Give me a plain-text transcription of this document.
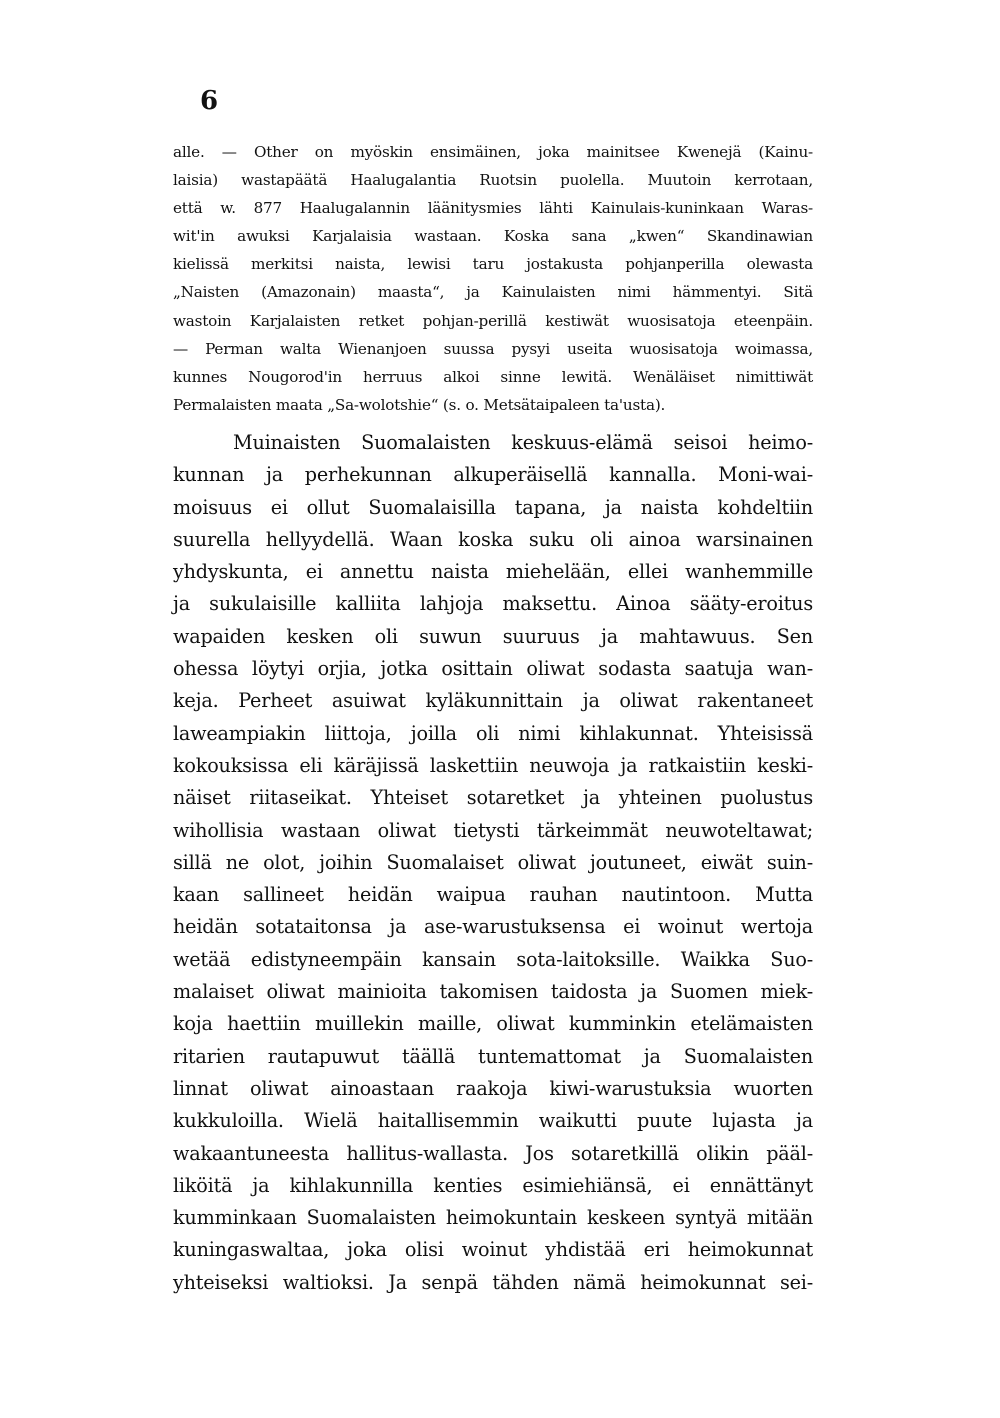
6
alle. — Other on myöskin ensimäinen, joka mainitsee Kwenejä (Kainu-
laisia) wastapäätä Haalugalantia Ruotsin puolella. Muutoin kerrotaan,
että w. 877 Haalugalannin läänitysmies lähti Kainulais-kuninkaan Waras-
wit'in awuksi Karjalaisia wastaan. Koska sana „kwen“ Skandinawian
kielissä merkitsi naista, lewisi taru jostakusta pohjanperilla olewasta
„Naisten (Amazonain) maasta“, ja Kainulaisten nimi hämmentyi. Sitä
wastoin Karjalaisten retket pohjan-perillä kestiwät wuosisatoja eteenpäin.
— Perman walta Wienanjoen suussa pysyi useita wuosisatoja woimassa,
kunnes Nougorod'in herruus alkoi sinne lewitä. Wenäläiset nimittiwät
Permalaisten maata „Sa-wolotshie“ (s. o. Metsätaipaleen ta'usta).
Muinaisten Suomalaisten keskuus-elämä seisoi heimo-
kunnan ja perhekunnan alkuperäisellä kannalla. Moni-wai-
moisuus ei ollut Suomalaisilla tapana, ja naista kohdeltiin
suurella hellyydellä. Waan koska suku oli ainoa warsinainen
yhdyskunta, ei annettu naista miehelään, ellei wanhemmille
ja sukulaisille kalliita lahjoja maksettu. Ainoa sääty-eroitus
wapaiden kesken oli suwun suuruus ja mahtawuus. Sen
ohessa löytyi orjia, jotka osittain oliwat sodasta saatuja wan-
keja. Perheet asuiwat kyläkunnittain ja oliwat rakentaneet
laweampiakin liittoja, joilla oli nimi kihlakunnat. Yhteisissä
kokouksissa eli käräjissä laskettiin neuwoja ja ratkaistiin keski-
näiset riitaseikat. Yhteiset sotaretket ja yhteinen puolustus
wihollisia wastaan oliwat tietysti tärkeimmät neuwoteltawat;
sillä ne olot, joihin Suomalaiset oliwat joutuneet, eiwät suin-
kaan sallineet heidän waipua rauhan nautintoon. Mutta
heidän sotataitonsa ja ase-warustuksensa ei woinut wertoja
wetää edistyneempäin kansain sota-laitoksille. Waikka Suo-
malaiset oliwat mainioita takomisen taidosta ja Suomen miek-
koja haettiin muillekin maille, oliwat kumminkin etelämaisten
ritarien rautapuwut täällä tuntemattomat ja Suomalaisten
linnat oliwat ainoastaan raakoja kiwi-warustuksia wuorten
kukkuloilla. Wielä haitallisemmin waikutti puute lujasta ja
wakaantuneesta hallitus-wallasta. Jos sotaretkillä olikin pääl-
liköitä ja kihlakunnilla kenties esimiehiänsä, ei ennättänyt
kumminkaan Suomalaisten heimokuntain keskeen syntyä mitään
kuningaswaltaa, joka olisi woinut yhdistää eri heimokunnat
yhteiseksi waltioksi. Ja senpä tähden nämä heimokunnat sei-
